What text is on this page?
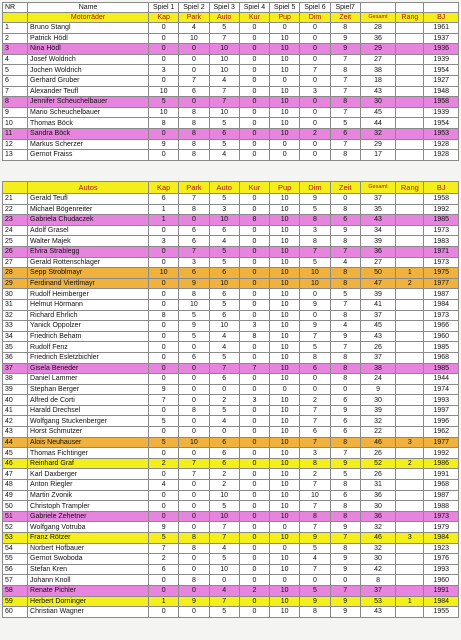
NR	Name	Spiel 1	Spiel 2	Spiel 3	Spiel 4	Spiel 5	Spiel 6	Spiel7			
	Motorräder	Kap	Park	Auto	Kur	Pup	Dim	Zeit	Gesamt	Rang	BJ
1	Bruno Stangl	0	4	5	0	0	0	8	28		1961
2	Patrick Hödl	0	10	7	0	10	0	9	36		1937
3	Nina Hödl	0	0	10	0	10	0	9	29		1936
4	Josef Woldrich	0	0	10	0	10	0	7	27		1939
5	Jochen Woldrich	3	0	10	0	10	7	8	38		1954
6	Gerhard Gruber	0	7	4	0	0	0	7	18		1927
7	Alexander Teufl	10	6	7	0	10	3	7	43		1948
8	Jennifer Scheuchelbauer	5	0	7	0	10	0	8	30		1958
9	Mario Scheuchelbauer	10	8	10	0	10	0	7	45		1939
10	Thomas Böck	8	8	5	0	10	0	5	44		1954
11	Sandra Böck	0	8	6	0	10	2	6	32		1953
12	Markus Scherzer	9	8	5	0	0	0	7	29		1928
13	Gernot Fraiss	0	8	4	0	0	0	8	17		1928
	Autos	Kap	Park	Auto	Kur	Pup	Dim	Zeit	Gesamt	Rang	BJ
21	Gerald Teufl	6	7	5	0	10	9	0	37		1958
22	Michael Bögenreiter	1	8	3	0	10	5	8	35		1992
23	Gabriela Chudaczek	1	0	10	8	10	8	6	43		1985
24	Adolf Grasel	0	6	6	0	10	3	9	34		1973
25	Walter Majek	3	6	4	0	10	8	8	39		1983
26	Elvira Strablegg	0	7	5	0	10	7	7	36		1971
27	Gerald Rottenschlager	0	3	5	0	10	5	4	27		1973
28	Sepp Stroblmayr	10	6	6	0	10	10	8	50	1	1975
29	Ferdinand Viertlmayr	0	9	10	0	10	10	8	47	2	1977
30	Rudolf Heimberger	0	8	6	0	10	0	5	39		1987
31	Helmut Hörmann	0	10	5	0	10	9	7	41		1984
32	Richard Ehrlich	8	5	6	0	10	0	8	37		1973
33	Yanick Oppolzer	0	9	10	3	10	9	4	45		1966
34	Friedrich Beham	0	5	4	8	10	7	9	43		1960
35	Rudolf Fenz	0	0	4	0	10	5	7	26		1985
36	Friedrich Esletzbichler	0	6	5	0	10	8	8	37		1968
37	Gisela Beneder	0	0	7	7	10	6	8	38		1985
38	Daniel Lammer	0	0	6	0	10	0	8	24		1944
39	Stephan Berger	9	0	0	0	0	0	0	9		1974
40	Alfred de Corti	7	0	2	3	10	2	6	30		1993
41	Harald Drechsel	0	8	5	0	10	7	9	39		1997
42	Wolfgang Stuckenberger	5	0	4	0	10	7	6	32		1996
43	Horst Schmutzer	0	0	0	0	10	6	6	22		1962
44	Alois Neuhauser	5	10	6	0	10	7	8	46	3	1977
45	Thomas Fichtinger	0	0	6	0	10	3	7	26		1992
46	Reinhard Graf	2	7	6	0	10	8	9	52	2	1986
47	Karl Daxberger	0	7	2	0	10	2	5	26		1991
48	Anton Riegler	4	0	2	0	10	7	8	31		1968
49	Martin Zvonik	0	0	10	0	10	10	6	36		1987
50	Christoph Trampler	0	0	5	0	10	7	8	30		1988
51	Gabriele Zehetner	0	0	10	0	10	8	8	36		1973
52	Wolfgang Votruba	9	0	7	0	0	7	9	32		1979
53	Franz Rötzer	5	8	7	0	10	9	7	46	3	1984
54	Norbert Hofbauer	7	8	4	0	0	5	8	32		1923
55	Gernot Swoboda	2	0	5	0	10	4	9	30		1976
56	Stefan Kren	6	0	10	0	10	7	9	42		1993
57	Johann Knoll	0	8	0	0	0	0	0	8		1960
58	Renate Pichler	0	0	4	2	10	5	7	37		1991
59	Herbert Dorninger	1	9	7	0	10	9	9	53	1	1984
60	Christian Wagner	0	0	5	0	10	8	9	43		1955
